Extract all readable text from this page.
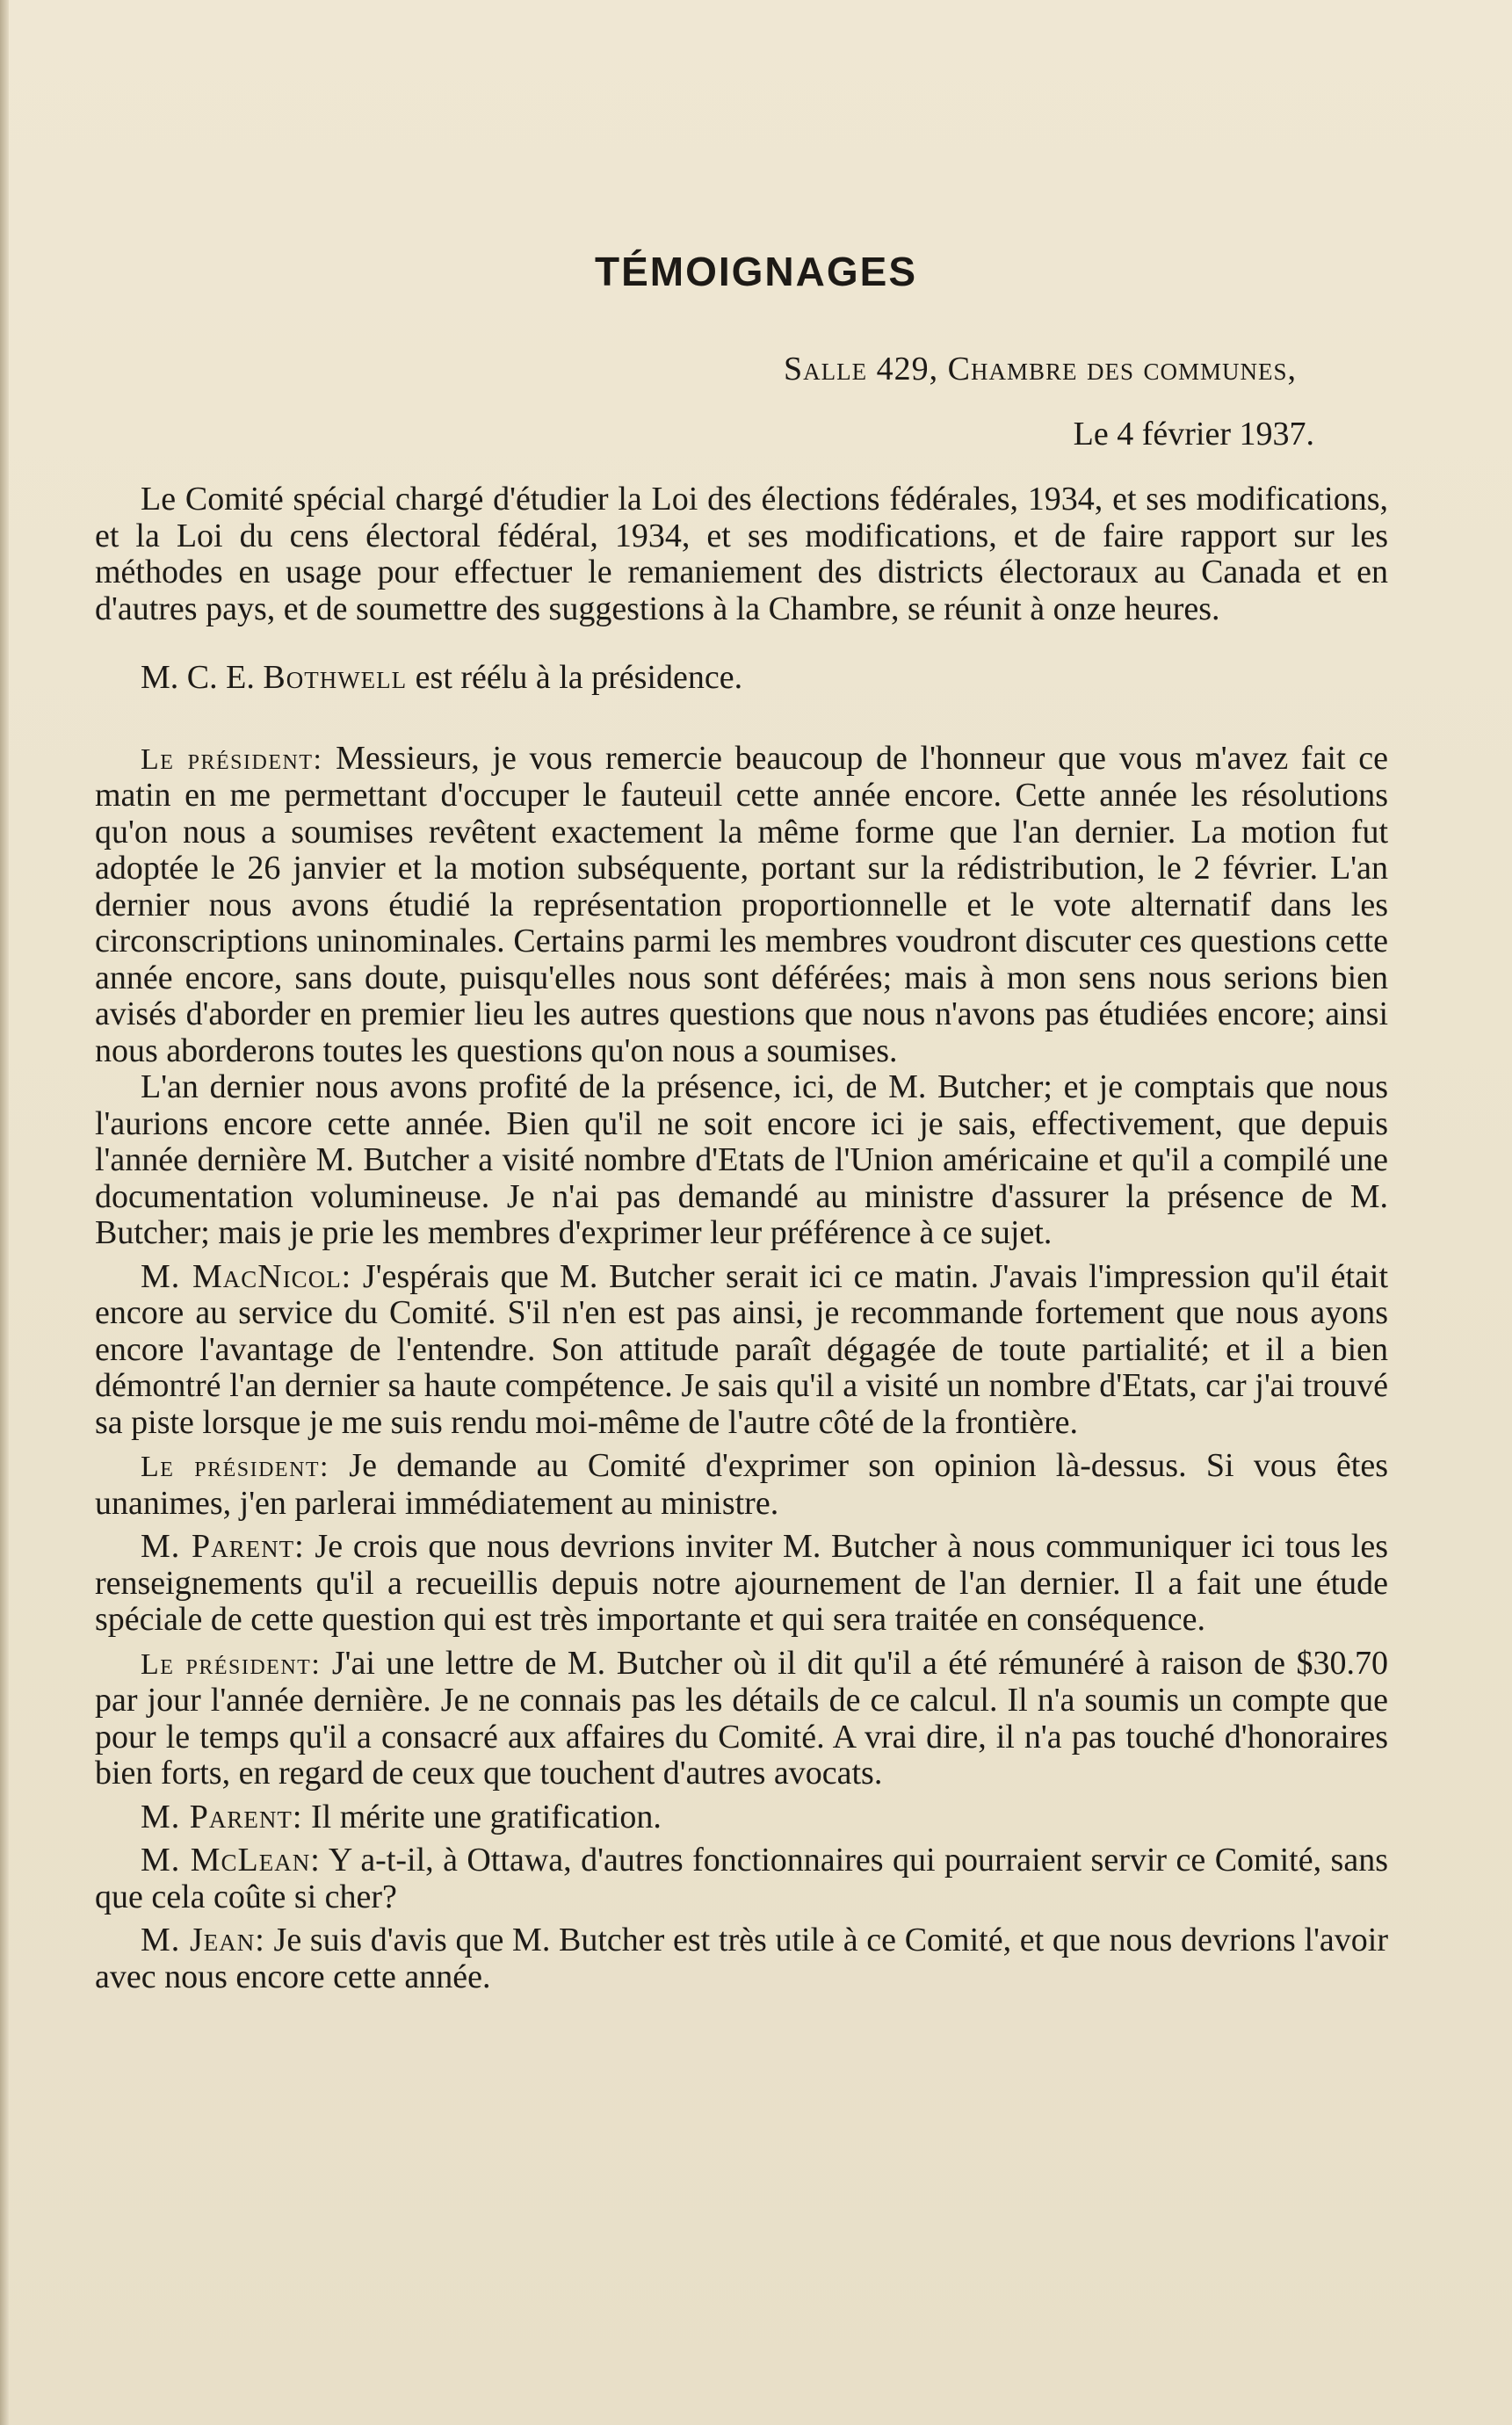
TÉMOIGNAGES
Salle 429, Chambre des communes,
Le 4 février 1937.

Le Comité spécial chargé d'étudier la Loi des élections fédérales, 1934, et ses modifications, et la Loi du cens électoral fédéral, 1934, et ses modifications, et de faire rapport sur les méthodes en usage pour effectuer le remaniement des districts électoraux au Canada et en d'autres pays, et de soumettre des suggestions à la Chambre, se réunit à onze heures.

M. C. E. Bothwell est réélu à la présidence.

Le président: Messieurs, je vous remercie beaucoup de l'honneur que vous m'avez fait ce matin en me permettant d'occuper le fauteuil cette année encore. Cette année les résolutions qu'on nous a soumises revêtent exactement la même forme que l'an dernier. La motion fut adoptée le 26 janvier et la motion subséquente, portant sur la rédistribution, le 2 février. L'an dernier nous avons étudié la représentation proportionnelle et le vote alternatif dans les circonscriptions uninominales. Certains parmi les membres voudront discuter ces questions cette année encore, sans doute, puisqu'elles nous sont déférées; mais à mon sens nous serions bien avisés d'aborder en premier lieu les autres questions que nous n'avons pas étudiées encore; ainsi nous aborderons toutes les questions qu'on nous a soumises.

L'an dernier nous avons profité de la présence, ici, de M. Butcher; et je comptais que nous l'aurions encore cette année. Bien qu'il ne soit encore ici je sais, effectivement, que depuis l'année dernière M. Butcher a visité nombre d'Etats de l'Union américaine et qu'il a compilé une documentation volumineuse. Je n'ai pas demandé au ministre d'assurer la présence de M. Butcher; mais je prie les membres d'exprimer leur préférence à ce sujet.

M. MacNicol: J'espérais que M. Butcher serait ici ce matin. J'avais l'impression qu'il était encore au service du Comité. S'il n'en est pas ainsi, je recommande fortement que nous ayons encore l'avantage de l'entendre. Son attitude paraît dégagée de toute partialité; et il a bien démontré l'an dernier sa haute compétence. Je sais qu'il a visité un nombre d'Etats, car j'ai trouvé sa piste lorsque je me suis rendu moi-même de l'autre côté de la frontière.

Le président: Je demande au Comité d'exprimer son opinion là-dessus. Si vous êtes unanimes, j'en parlerai immédiatement au ministre.

M. Parent: Je crois que nous devrions inviter M. Butcher à nous communiquer ici tous les renseignements qu'il a recueillis depuis notre ajournement de l'an dernier. Il a fait une étude spéciale de cette question qui est très importante et qui sera traitée en conséquence.

Le président: J'ai une lettre de M. Butcher où il dit qu'il a été rémunéré à raison de $30.70 par jour l'année dernière. Je ne connais pas les détails de ce calcul. Il n'a soumis un compte que pour le temps qu'il a consacré aux affaires du Comité. A vrai dire, il n'a pas touché d'honoraires bien forts, en regard de ceux que touchent d'autres avocats.

M. Parent: Il mérite une gratification.

M. McLean: Y a-t-il, à Ottawa, d'autres fonctionnaires qui pourraient servir ce Comité, sans que cela coûte si cher?

M. Jean: Je suis d'avis que M. Butcher est très utile à ce Comité, et que nous devrions l'avoir avec nous encore cette année.
